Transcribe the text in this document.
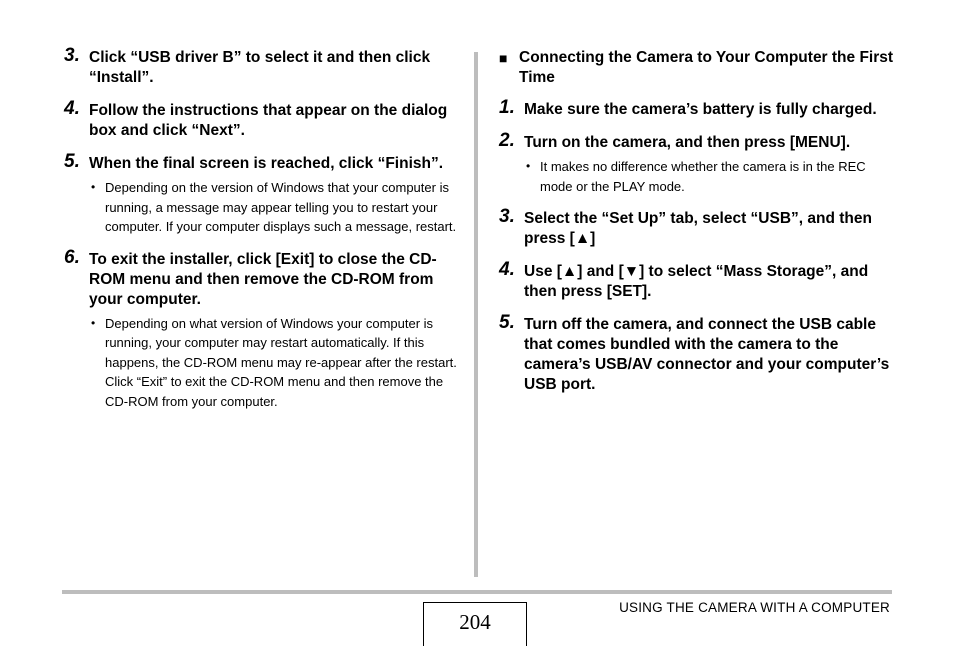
3. Click “USB driver B” to select it and then click “Install”.
4. Follow the instructions that appear on the dialog box and click “Next”.
5. When the final screen is reached, click “Finish”.
• Depending on the version of Windows that your computer is running, a message may appear telling you to restart your computer. If your computer displays such a message, restart.
6. To exit the installer, click [Exit] to close the CD-ROM menu and then remove the CD-ROM from your computer.
• Depending on what version of Windows your computer is running, your computer may restart automatically. If this happens, the CD-ROM menu may re-appear after the restart. Click “Exit” to exit the CD-ROM menu and then remove the CD-ROM from your computer.
■ Connecting the Camera to Your Computer the First Time
1. Make sure the camera’s battery is fully charged.
2. Turn on the camera, and then press [MENU].
• It makes no difference whether the camera is in the REC mode or the PLAY mode.
3. Select the “Set Up” tab, select “USB”, and then press [▲]
4. Use [▲] and [▼] to select “Mass Storage”, and then press [SET].
5. Turn off the camera, and connect the USB cable that comes bundled with the camera to the camera’s USB/AV connector and your computer’s USB port.
204
USING THE CAMERA WITH A COMPUTER
